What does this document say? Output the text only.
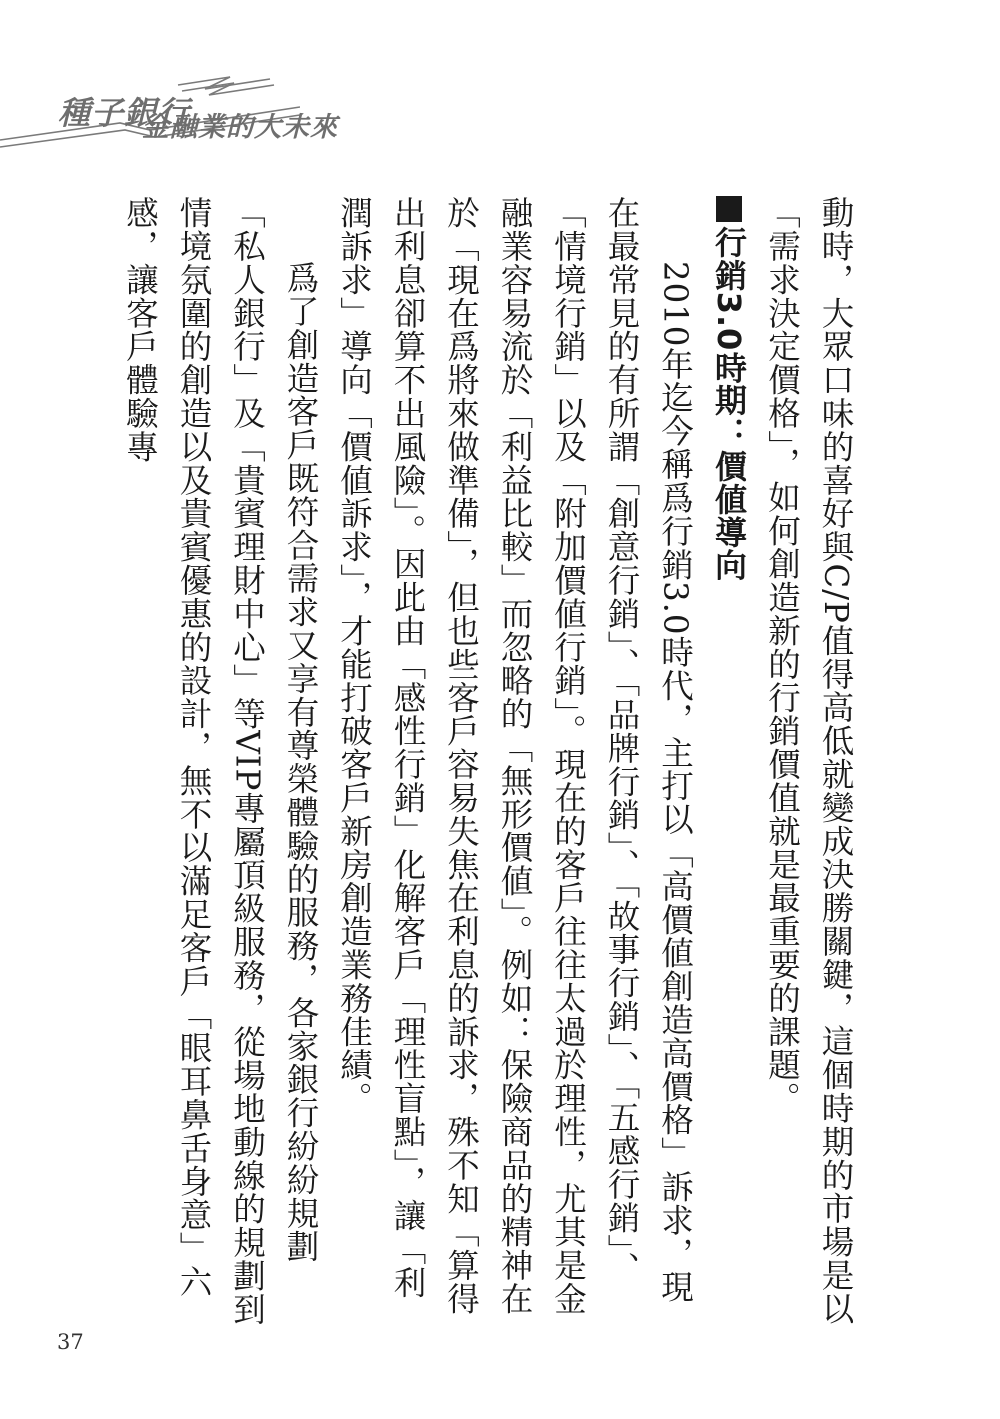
種子銀行
金融業的大未來

動時，大眾口味的喜好與C/P值得高低就變成決勝關鍵，這個時期的市場是以「需求決定價格」，如何創造新的行銷價值就是最重要的課題。

行銷3.0時期：價値導向

2010年迄今稱爲行銷3.0時代，主打以「高價値創造高價格」訴求，現在最常見的有所謂「創意行銷」、「品牌行銷」、「故事行銷」、「五感行銷」、「情境行銷」以及「附加價値行銷」。現在的客戶往往太過於理性，尤其是金融業容易流於「利益比較」而忽略的「無形價値」。例如：保險商品的精神在於「現在爲將來做準備」，但也些客戶容易失焦在利息的訴求，殊不知「算得出利息卻算不出風險」。因此由「感性行銷」化解客戶「理性盲點」，讓「利潤訴求」導向「價値訴求」，才能打破客戶新房創造業務佳績。

爲了創造客戶既符合需求又享有尊榮體驗的服務，各家銀行紛紛規劃「私人銀行」及「貴賓理財中心」等VIP專屬頂級服務，從場地動線的規劃到情境氛圍的創造以及貴賓優惠的設計，無不以滿足客戶「眼耳鼻舌身意」六感，讓客戶體驗專

37
